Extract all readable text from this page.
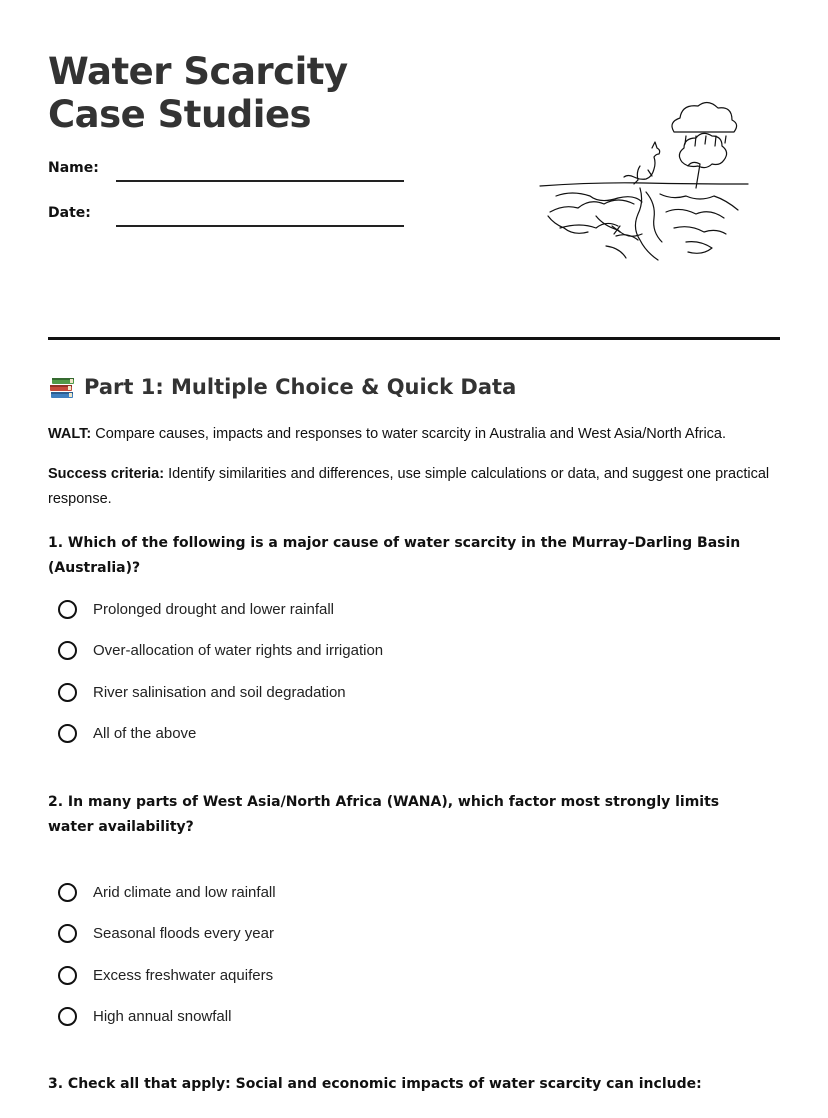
Water Scarcity Case Studies
Name:
Date:
Part 1: Multiple Choice & Quick Data

WALT: Compare causes, impacts and responses to water scarcity in Australia and West Asia/North Africa.

Success criteria: Identify similarities and differences, use simple calculations or data, and suggest one practical response.

1. Which of the following is a major cause of water scarcity in the Murray–Darling Basin (Australia)?

Prolonged drought and lower rainfall
Over-allocation of water rights and irrigation
River salinisation and soil degradation
All of the above

2. In many parts of West Asia/North Africa (WANA), which factor most strongly limits water availability?

Arid climate and low rainfall
Seasonal floods every year
Excess freshwater aquifers
High annual snowfall

3. Check all that apply: Social and economic impacts of water scarcity can include:
